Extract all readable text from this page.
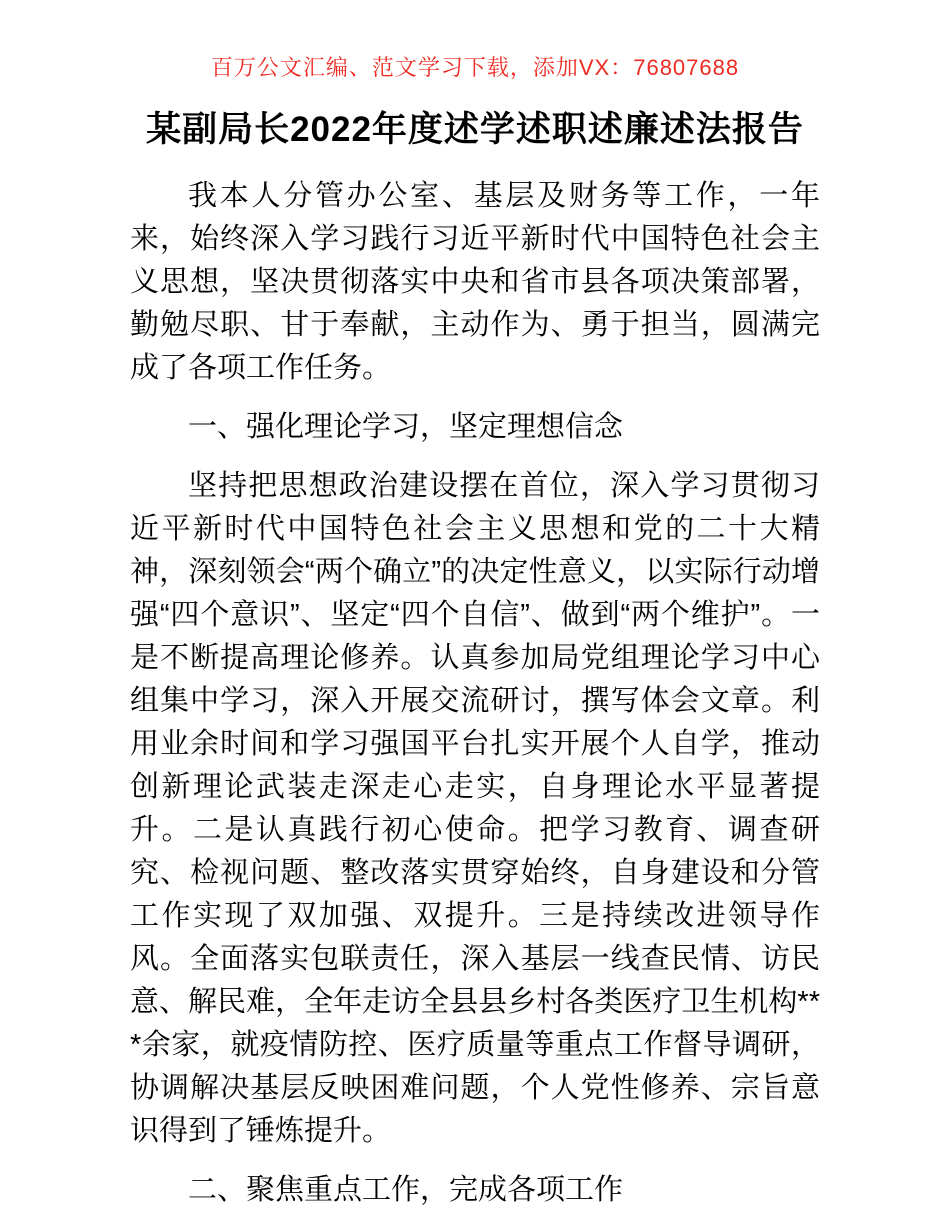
百万公文汇编、范文学习下载，添加VX：76807688
某副局长2022年度述学述职述廉述法报告

我本人分管办公室、基层及财务等工作，一年来，始终深入学习践行习近平新时代中国特色社会主义思想，坚决贯彻落实中央和省市县各项决策部署，勤勉尽职、甘于奉献，主动作为、勇于担当，圆满完成了各项工作任务。

一、强化理论学习，坚定理想信念

坚持把思想政治建设摆在首位，深入学习贯彻习近平新时代中国特色社会主义思想和党的二十大精神，深刻领会“两个确立”的决定性意义，以实际行动增强“四个意识”、坚定“四个自信”、做到“两个维护”。一是不断提高理论修养。认真参加局党组理论学习中心组集中学习，深入开展交流研讨，撰写体会文章。利用业余时间和学习强国平台扎实开展个人自学，推动创新理论武装走深走心走实，自身理论水平显著提升。二是认真践行初心使命。把学习教育、调查研究、检视问题、整改落实贯穿始终，自身建设和分管工作实现了双加强、双提升。三是持续改进领导作风。全面落实包联责任，深入基层一线查民情、访民意、解民难，全年走访全县县乡村各类医疗卫生机构***余家，就疫情防控、医疗质量等重点工作督导调研，协调解决基层反映困难问题，个人党性修养、宗旨意识得到了锤炼提升。

二、聚焦重点工作，完成各项工作
